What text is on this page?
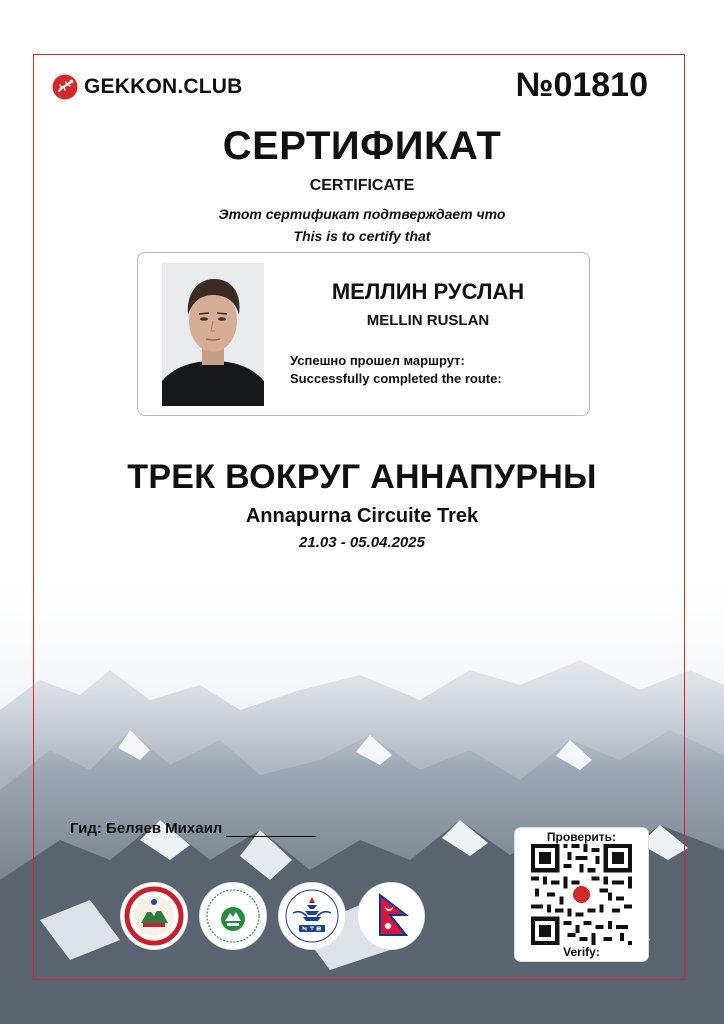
GEKKON.CLUB	№01810
СЕРТИФИКАТ
CERTIFICATE
Этот сертификат подтверждает что
This is to certify that
МЕЛЛИН РУСЛАН
MELLIN RUSLAN
Успешно прошел маршрут:
Successfully completed the route:
ТРЕК ВОКРУГ АННАПУРНЫ
Annapurna Circuite Trek
21.03 - 05.04.2025
Гид: Беляев Михаил	Проверить:
Verify:
